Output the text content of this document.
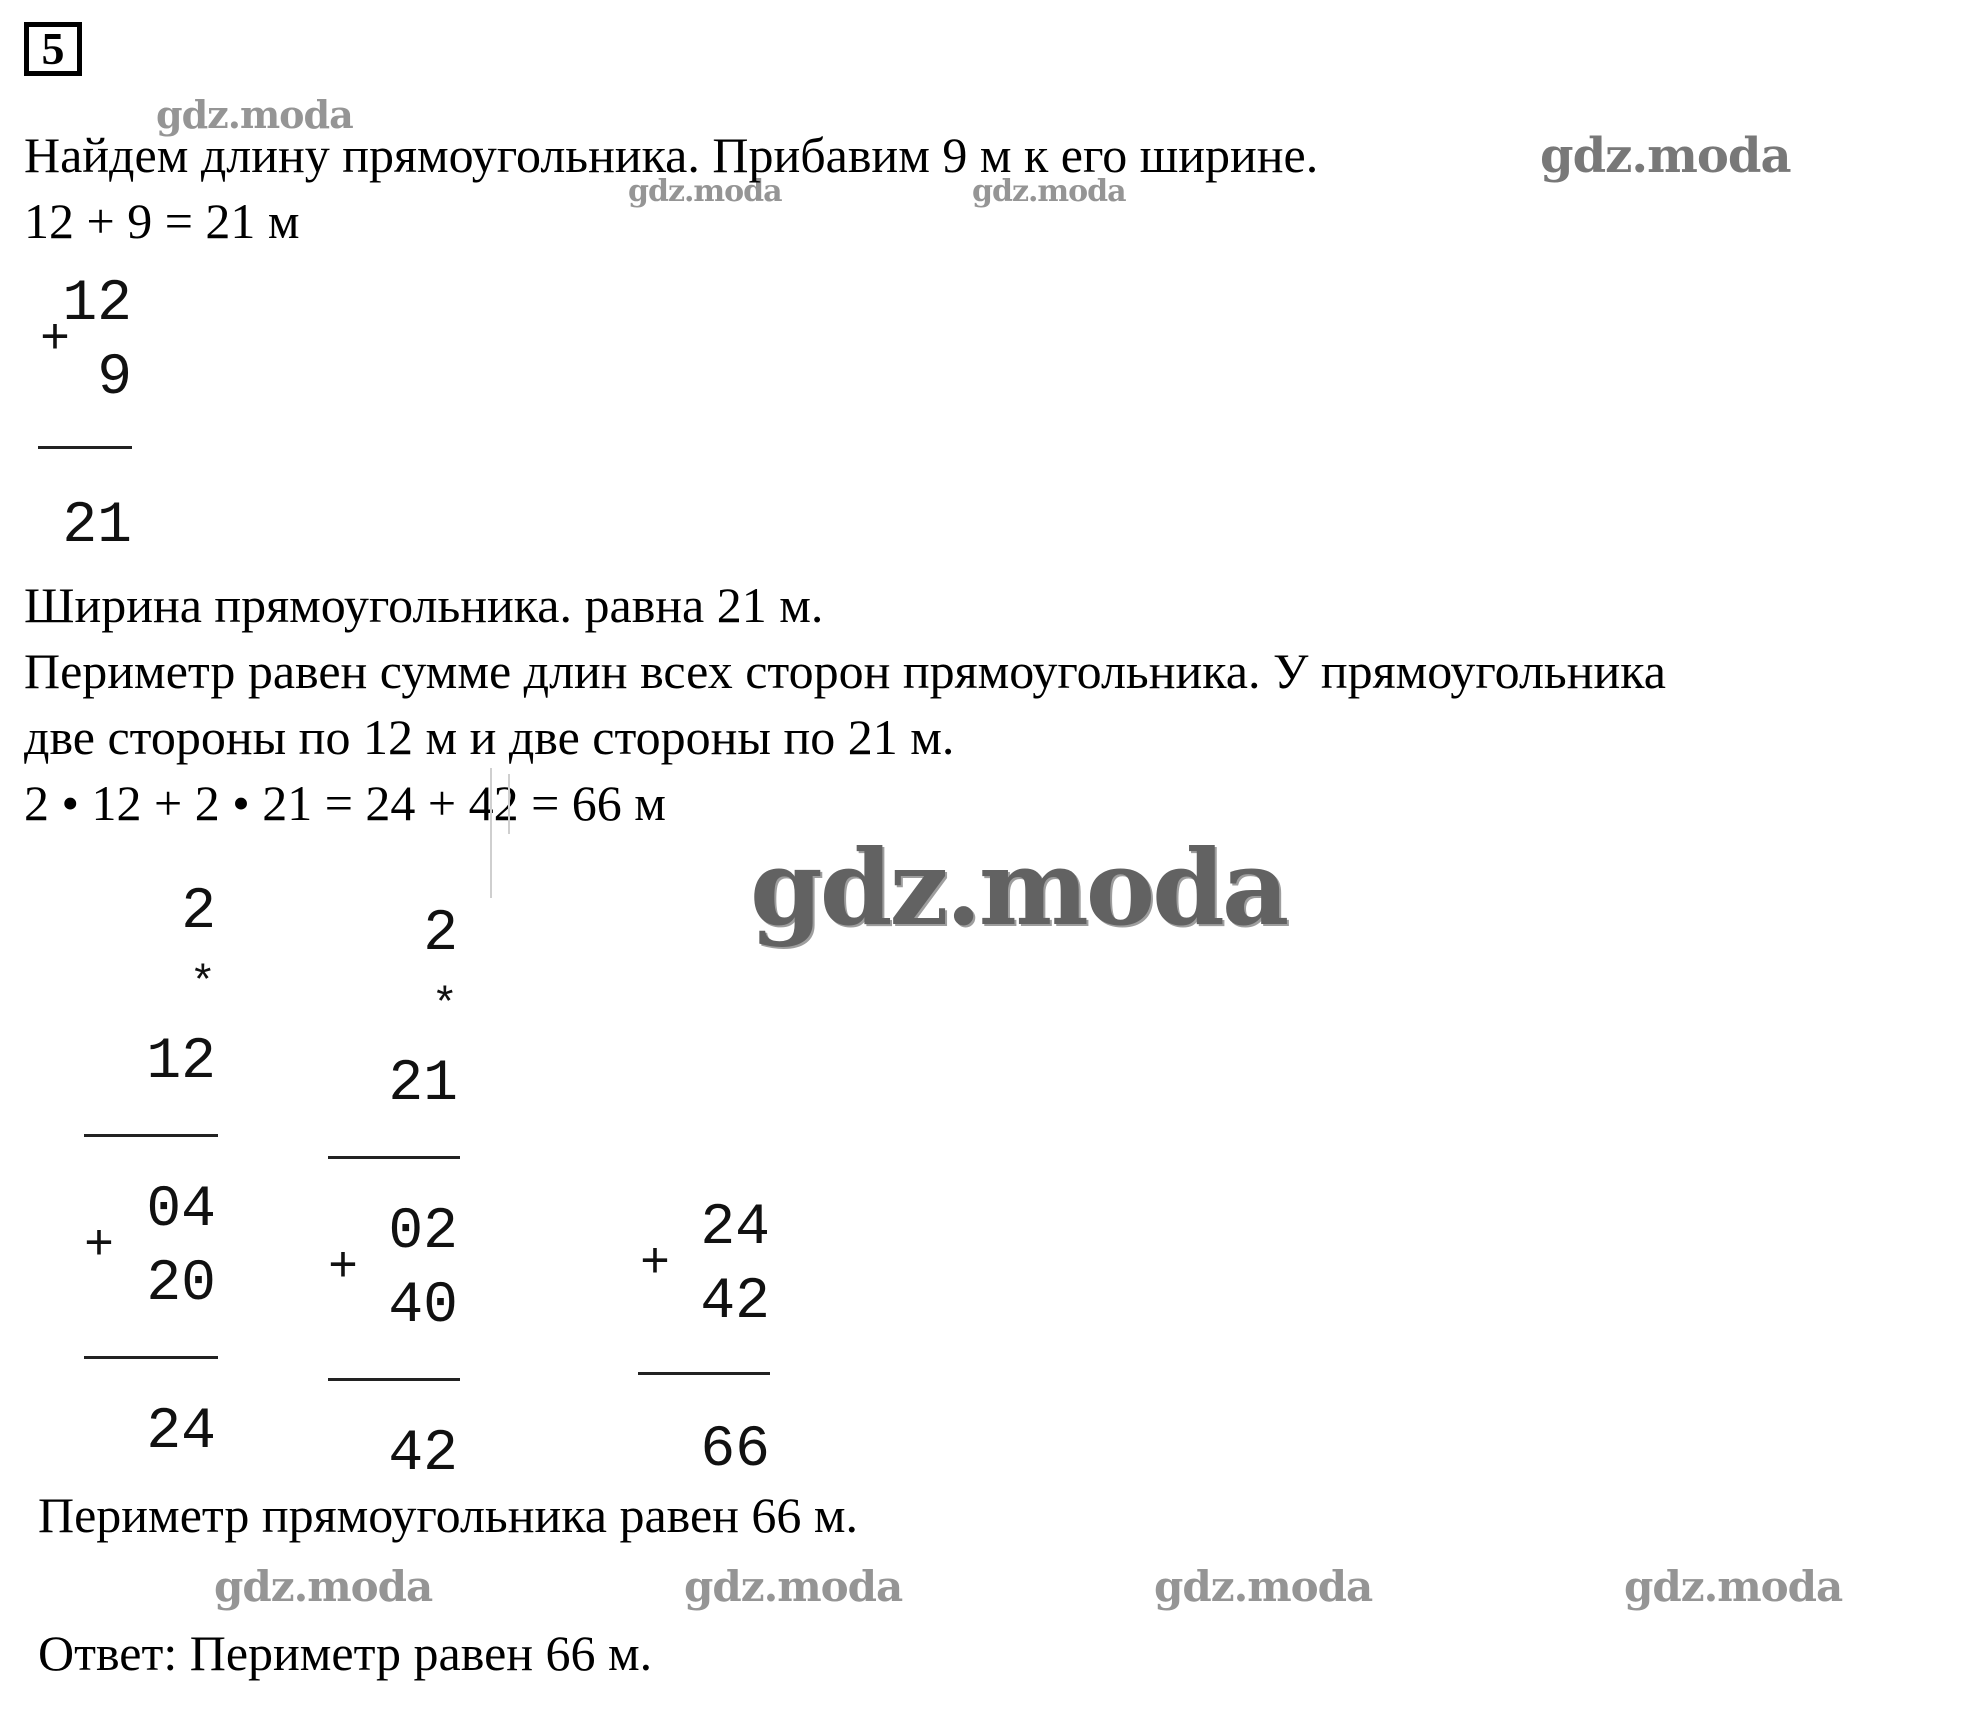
5
gdz.moda
gdz.moda
gdz.moda	gdz.moda
Найдем длину прямоугольника. Прибавим 9 м к его ширине.
12 + 9 = 21 м
12
+
9
21
Ширина прямоугольника. равна 21 м.
Периметр равен сумме длин всех сторон прямоугольника. У прямоугольника
две стороны по 12 м и две стороны по 21 м.
2 • 12 + 2 • 21 = 24 + 42 = 66 м
gdz.moda
2
*
12
04
+
20
24
2
*
21
02
+
40
42
24
+
42
66
Периметр прямоугольника равен 66 м.
gdz.moda	gdz.moda	gdz.moda	gdz.moda
Ответ: Периметр равен 66 м.
